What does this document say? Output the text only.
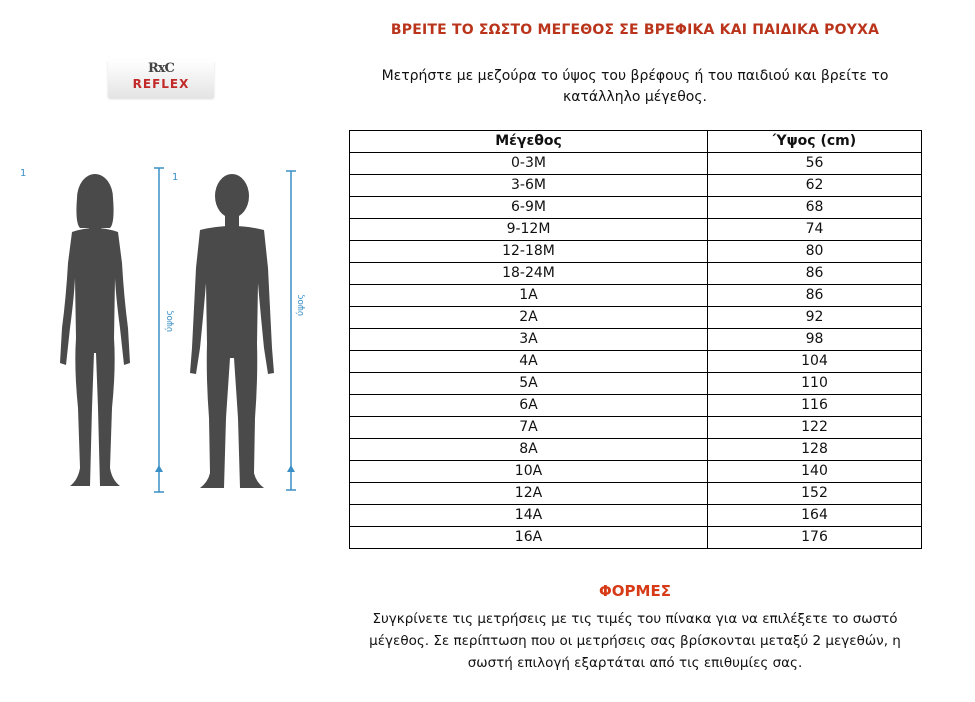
ΒΡΕΙΤΕ ΤΟ ΣΩΣΤΟ ΜΕΓΕΘΟΣ ΣΕ ΒΡΕΦΙΚΑ ΚΑΙ ΠΑΙΔΙΚΑ ΡΟΥΧΑ
Μετρήστε με μεζούρα το ύψος του βρέφους ή του παιδιού και βρείτε το κατάλληλο μέγεθος.
RxC
REFLEX
1
ύψος
1
ύψος
Μέγεθος	Ύψος (cm)
0-3M	56
3-6M	62
6-9M	68
9-12M	74
12-18M	80
18-24M	86
1A	86
2A	92
3A	98
4A	104
5A	110
6A	116
7A	122
8A	128
10A	140
12A	152
14A	164
16A	176
ΦΟΡΜΕΣ
Συγκρίνετε τις μετρήσεις με τις τιμές του πίνακα για να επιλέξετε το σωστό μέγεθος. Σε περίπτωση που οι μετρήσεις σας βρίσκονται μεταξύ 2 μεγεθών, η σωστή επιλογή εξαρτάται από τις επιθυμίες σας.
